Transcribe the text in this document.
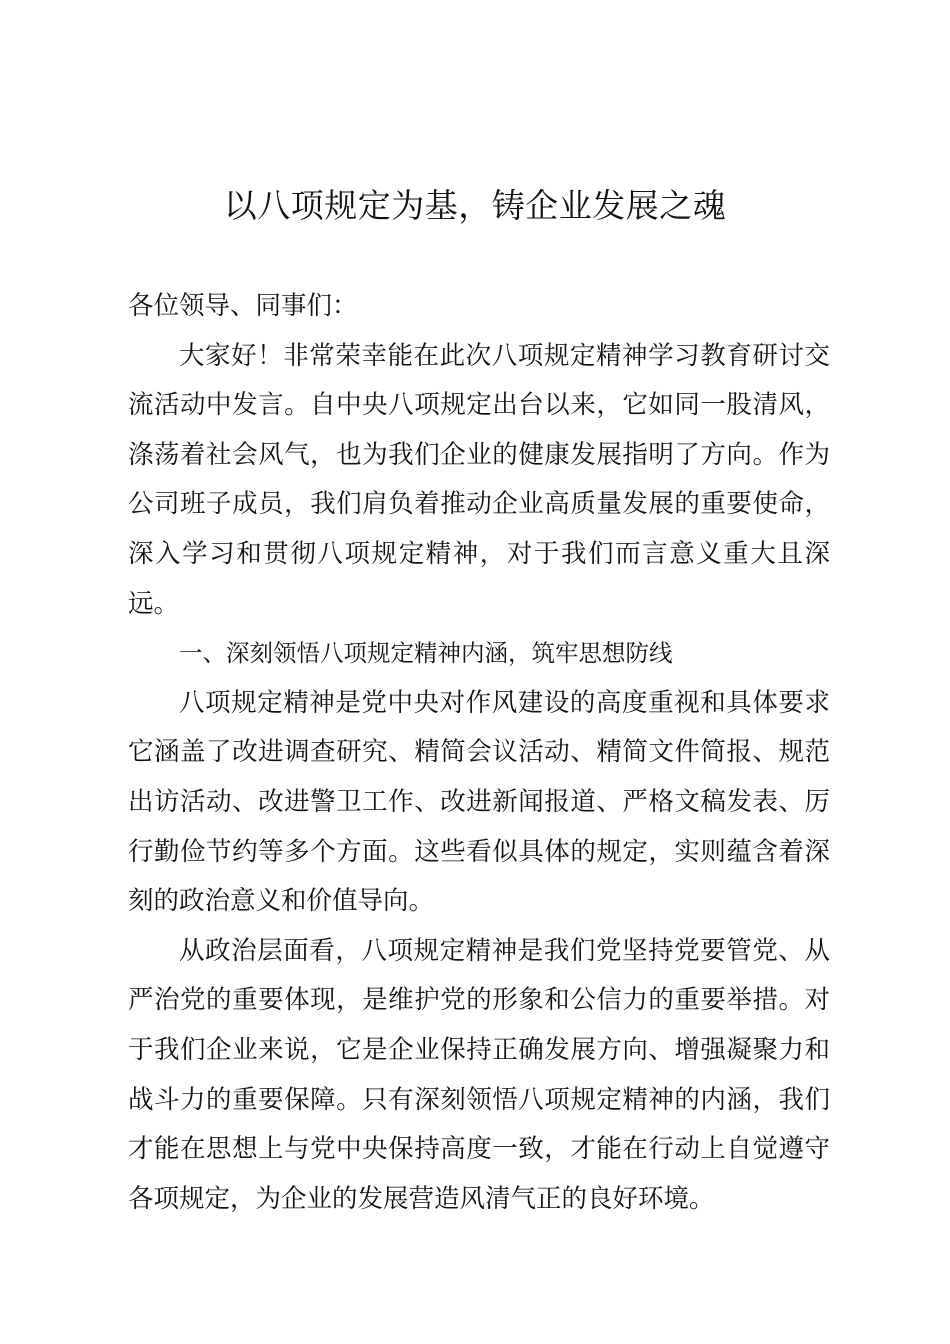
以八项规定为基，铸企业发展之魂

各位领导、同事们：

大家好！非常荣幸能在此次八项规定精神学习教育研讨交流活动中发言。自中央八项规定出台以来，它如同一股清风，涤荡着社会风气，也为我们企业的健康发展指明了方向。作为公司班子成员，我们肩负着推动企业高质量发展的重要使命，深入学习和贯彻八项规定精神，对于我们而言意义重大且深远。

一、深刻领悟八项规定精神内涵，筑牢思想防线

八项规定精神是党中央对作风建设的高度重视和具体要求它涵盖了改进调查研究、精简会议活动、精简文件简报、规范出访活动、改进警卫工作、改进新闻报道、严格文稿发表、厉行勤俭节约等多个方面。这些看似具体的规定，实则蕴含着深刻的政治意义和价值导向。

从政治层面看，八项规定精神是我们党坚持党要管党、从严治党的重要体现，是维护党的形象和公信力的重要举措。对于我们企业来说，它是企业保持正确发展方向、增强凝聚力和战斗力的重要保障。只有深刻领悟八项规定精神的内涵，我们才能在思想上与党中央保持高度一致，才能在行动上自觉遵守各项规定，为企业的发展营造风清气正的良好环境。
